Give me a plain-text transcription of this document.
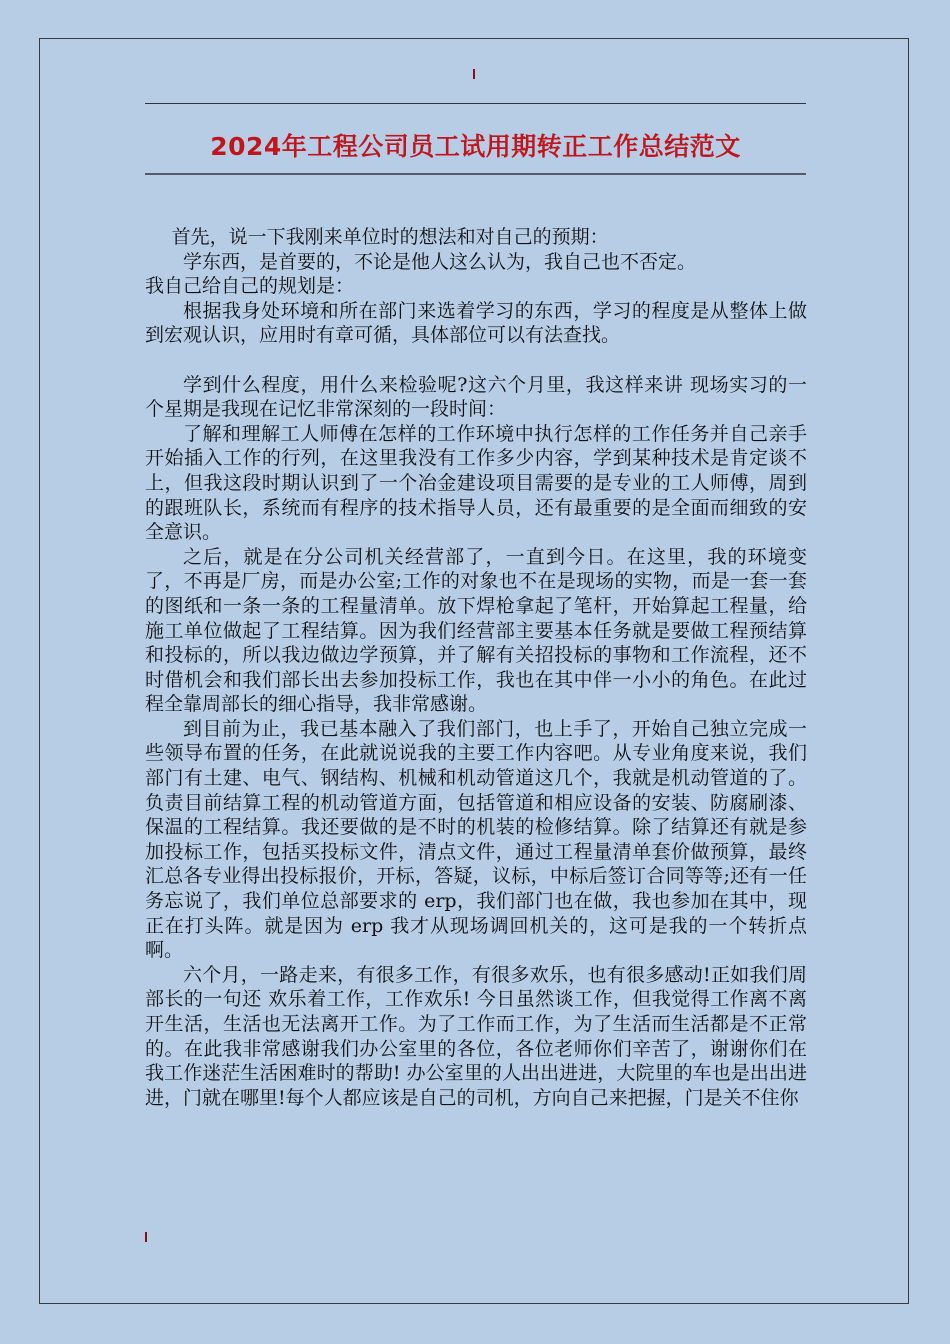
2024年工程公司员工试用期转正工作总结范文

首先，说一下我刚来单位时的想法和对自己的预期：

学东西，是首要的，不论是他人这么认为，我自己也不否定。

我自己给自己的规划是：

根据我身处环境和所在部门来选着学习的东西，学习的程度是从整体上做到宏观认识，应用时有章可循，具体部位可以有法查找。

学到什么程度，用什么来检验呢?这六个月里，我这样来讲 现场实习的一个星期是我现在记忆非常深刻的一段时间：

了解和理解工人师傅在怎样的工作环境中执行怎样的工作任务并自己亲手开始插入工作的行列，在这里我没有工作多少内容，学到某种技术是肯定谈不上，但我这段时期认识到了一个冶金建设项目需要的是专业的工人师傅，周到的跟班队长，系统而有程序的技术指导人员，还有最重要的是全面而细致的安全意识。

之后，就是在分公司机关经营部了，一直到今日。在这里，我的环境变了，不再是厂房，而是办公室;工作的对象也不在是现场的实物，而是一套一套的图纸和一条一条的工程量清单。放下焊枪拿起了笔杆，开始算起工程量，给施工单位做起了工程结算。因为我们经营部主要基本任务就是要做工程预结算和投标的，所以我边做边学预算，并了解有关招投标的事物和工作流程，还不时借机会和我们部长出去参加投标工作，我也在其中伴一小小的角色。在此过程全靠周部长的细心指导，我非常感谢。

到目前为止，我已基本融入了我们部门，也上手了，开始自己独立完成一些领导布置的任务，在此就说说我的主要工作内容吧。从专业角度来说，我们部门有土建、电气、钢结构、机械和机动管道这几个，我就是机动管道的了。负责目前结算工程的机动管道方面，包括管道和相应设备的安装、防腐刷漆、保温的工程结算。我还要做的是不时的机装的检修结算。除了结算还有就是参加投标工作，包括买投标文件，清点文件，通过工程量清单套价做预算，最终汇总各专业得出投标报价，开标，答疑，议标，中标后签订合同等等;还有一任务忘说了，我们单位总部要求的 erp，我们部门也在做，我也参加在其中，现正在打头阵。就是因为 erp 我才从现场调回机关的，这可是我的一个转折点啊。

六个月，一路走来，有很多工作，有很多欢乐，也有很多感动!正如我们周部长的一句还 欢乐着工作，工作欢乐! 今日虽然谈工作，但我觉得工作离不离开生活，生活也无法离开工作。为了工作而工作，为了生活而生活都是不正常的。在此我非常感谢我们办公室里的各位，各位老师你们辛苦了，谢谢你们在我工作迷茫生活困难时的帮助! 办公室里的人出出进进，大院里的车也是出出进进，门就在哪里!每个人都应该是自己的司机，方向自己来把握，门是关不住你
